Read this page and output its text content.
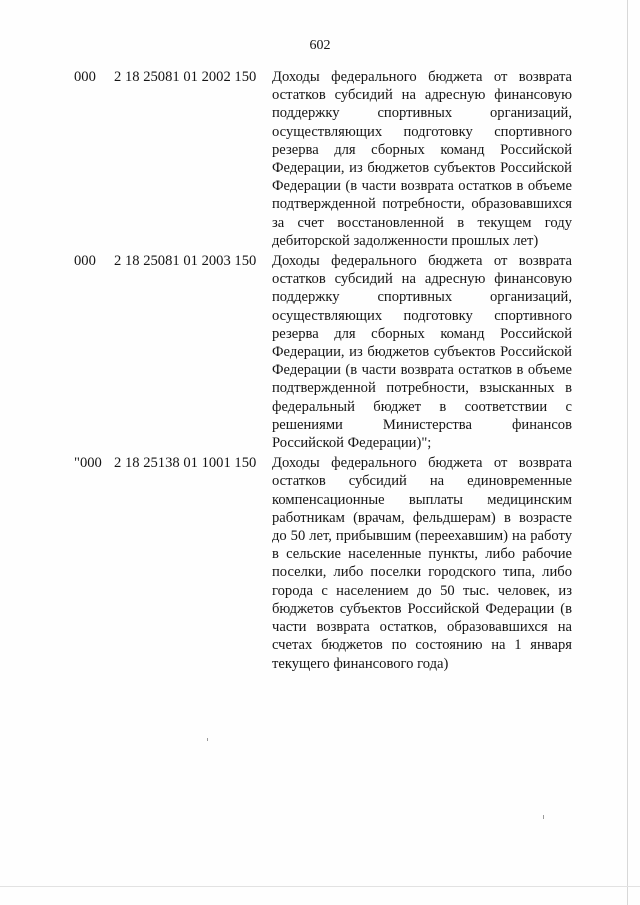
602
000 2 18 25081 01 2002 150 Доходы федерального бюджета от возврата остатков субсидий на адресную финансовую поддержку спортивных организаций, осуществляющих подготовку спортивного резерва для сборных команд Российской Федерации, из бюджетов субъектов Российской Федерации (в части возврата остатков в объеме подтвержденной потребности, образовавшихся за счет восстановленной в текущем году дебиторской задолженности прошлых лет)
000 2 18 25081 01 2003 150 Доходы федерального бюджета от возврата остатков субсидий на адресную финансовую поддержку спортивных организаций, осуществляющих подготовку спортивного резерва для сборных команд Российской Федерации, из бюджетов субъектов Российской Федерации (в части возврата остатков в объеме подтвержденной потребности, взысканных в федеральный бюджет в соответствии с решениями Министерства финансов Российской Федерации)";
"000 2 18 25138 01 1001 150 Доходы федерального бюджета от возврата остатков субсидий на единовременные компенсационные выплаты медицинским работникам (врачам, фельдшерам) в возрасте до 50 лет, прибывшим (переехавшим) на работу в сельские населенные пункты, либо рабочие поселки, либо поселки городского типа, либо города с населением до 50 тыс. человек, из бюджетов субъектов Российской Федерации (в части возврата остатков, образовавшихся на счетах бюджетов по состоянию на 1 января текущего финансового года)
